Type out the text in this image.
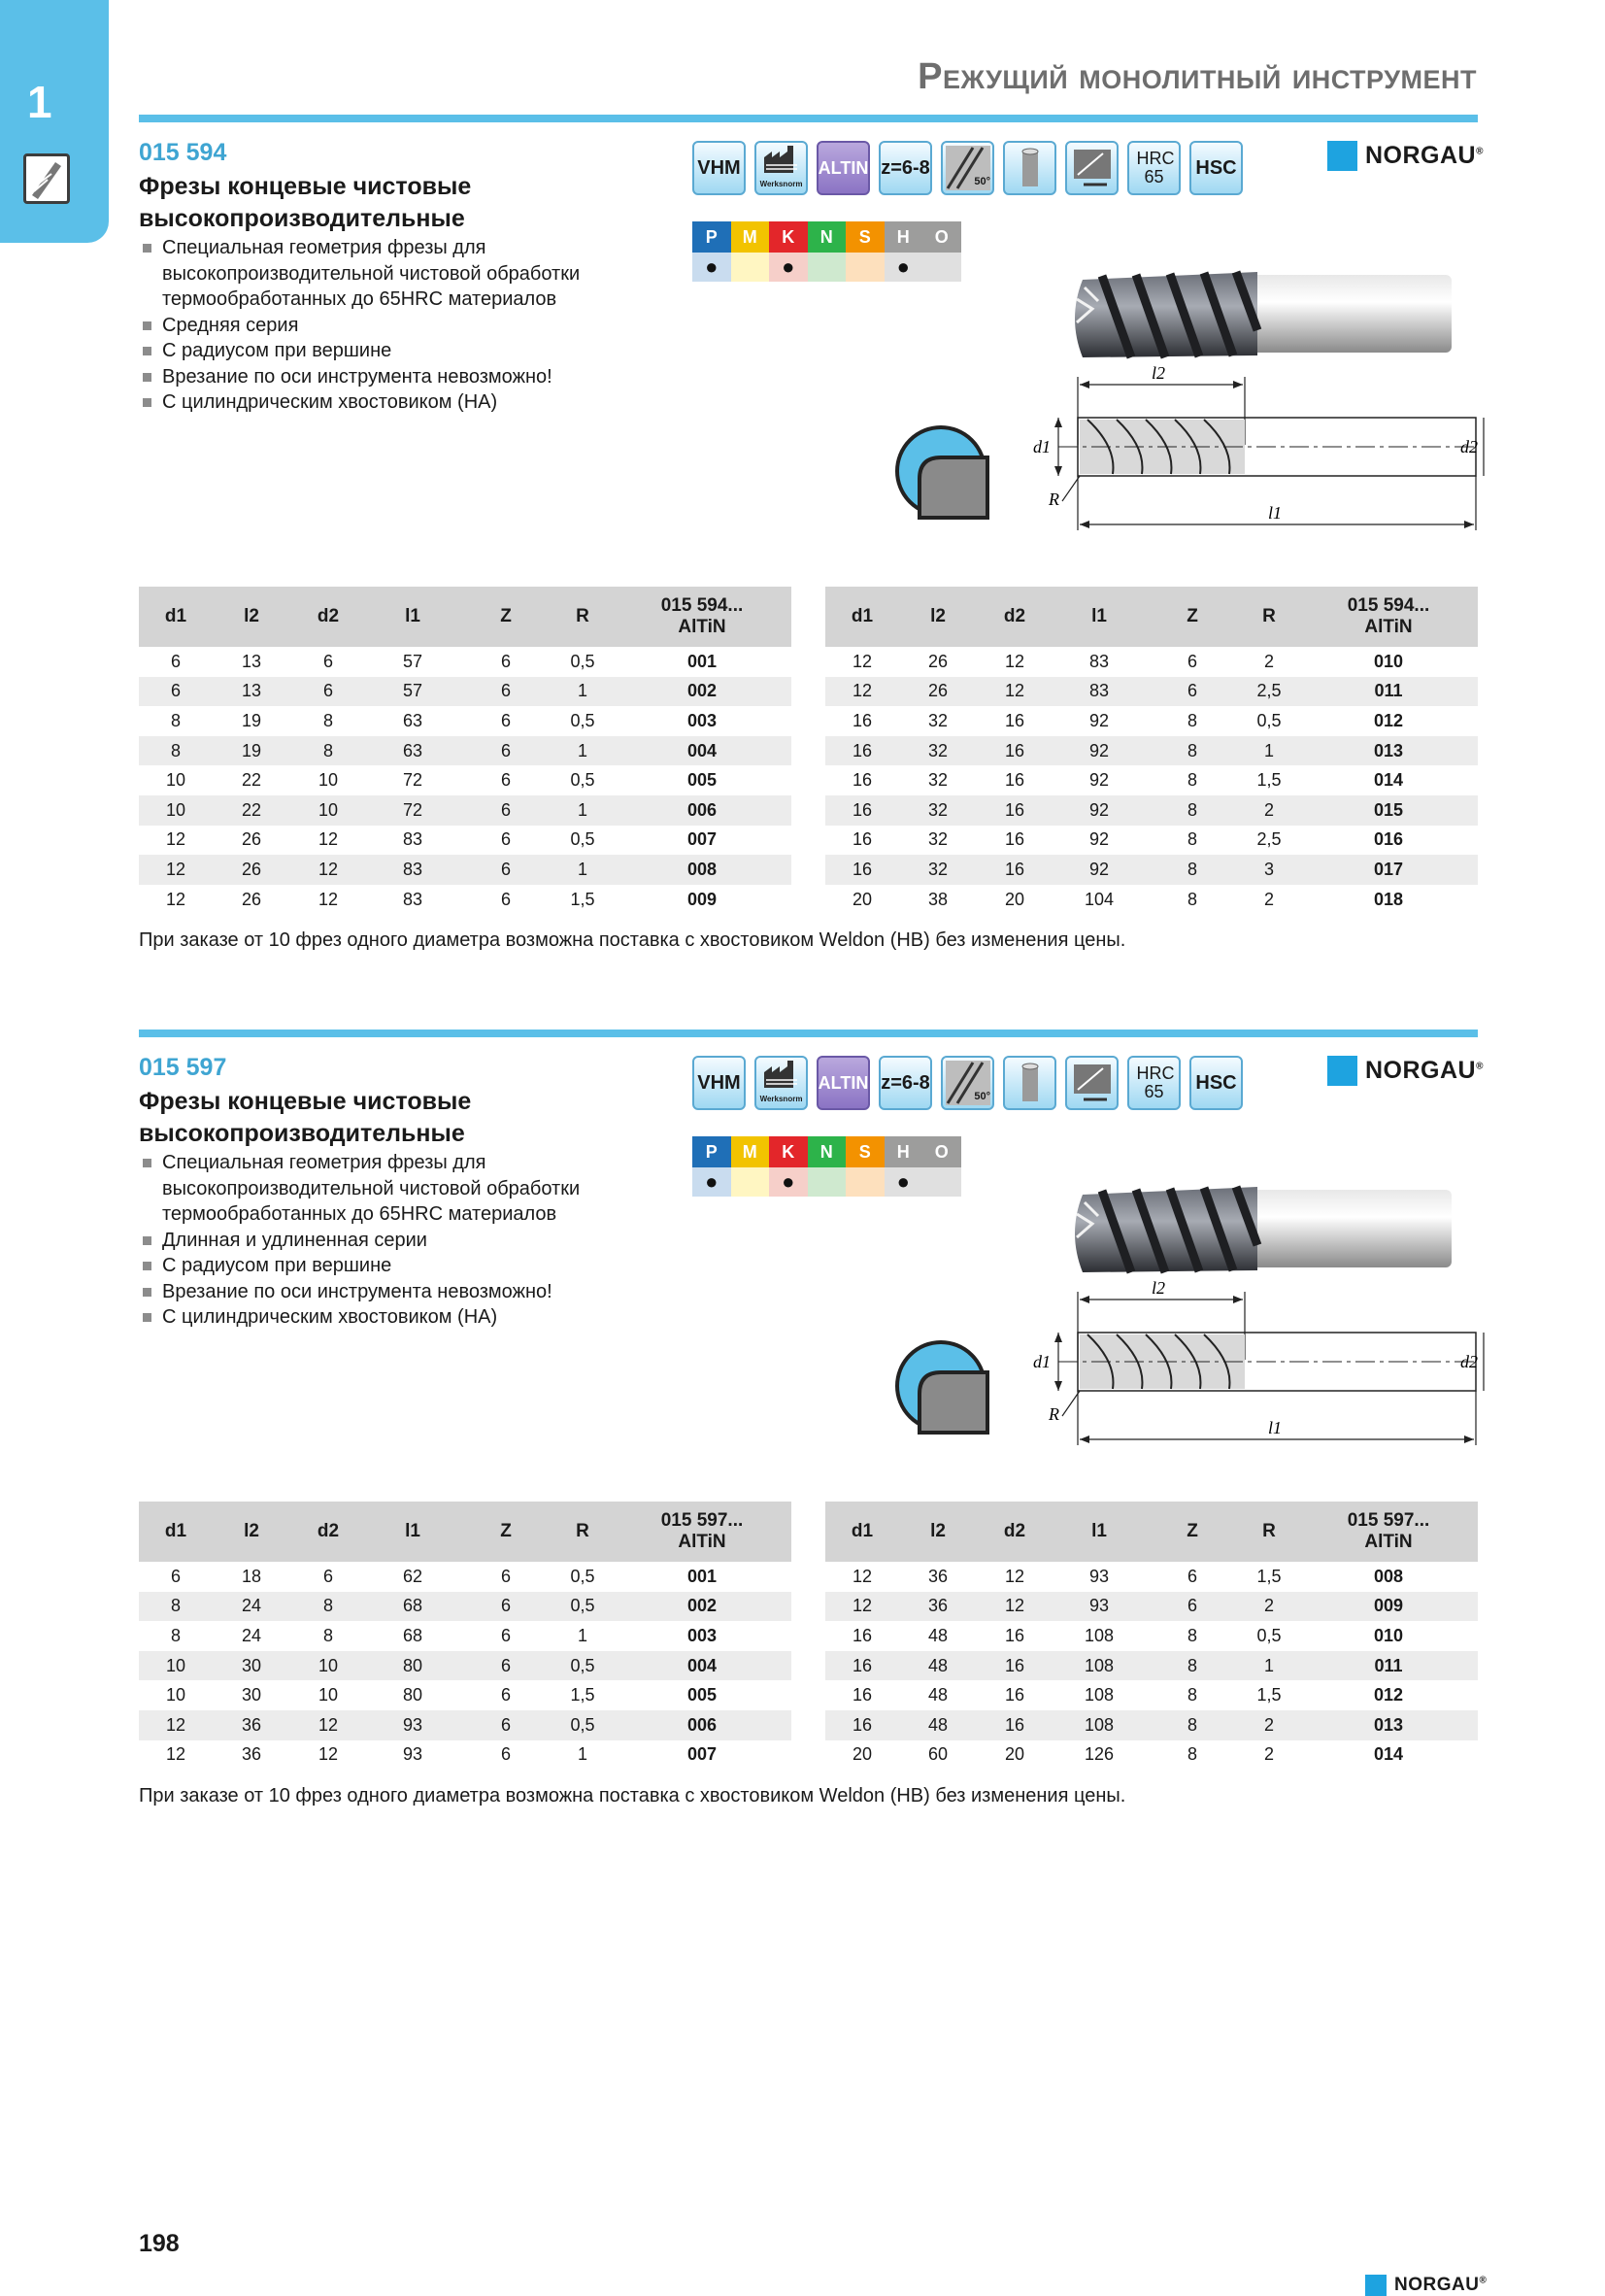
1	Режущий монолитный инструмент
015 594
Фрезы концевые чистовые высокопроизводительные
Специальная геометрия фрезы для высокопроизводительной чистовой обработки термообработанных до 65HRC материалов
Средняя серия
С радиусом при вершине
Врезание по оси инструмента невозможно!
С цилиндрическим хвостовиком (HA)
VHM
Werksnorm
ALTIN z=6-8
50°
HRC 65	HSC
P	M	K	N	S	H	O
●	●	●
NORGAU®
l2
d1	d2
l1
R
d1	l2	d2	l1	Z	R	015 594...
AlTiN

6	13	6	57	6	0,5	001
6	13	6	57	6	1	002
8	19	8	63	6	0,5	003
8	19	8	63	6	1	004
10	22	10	72	6	0,5	005
10	22	10	72	6	1	006
12	26	12	83	6	0,5	007
12	26	12	83	6	1	008
12	26	12	83	6	1,5	009
d1	l2	d2	l1	Z	R	015 594...
AlTiN

12	26	12	83	6	2	010
12	26	12	83	6	2,5	011
16	32	16	92	8	0,5	012
16	32	16	92	8	1	013
16	32	16	92	8	1,5	014
16	32	16	92	8	2	015
16	32	16	92	8	2,5	016
16	32	16	92	8	3	017
20	38	20	104	8	2	018
При заказе от 10 фрез одного диаметра возможна поставка с хвостовиком Weldon (HB) без изменения цены.
015 597
Фрезы концевые чистовые высокопроизводительные
Специальная геометрия фрезы для высокопроизводительной чистовой обработки термообработанных до 65HRC материалов
Длинная и удлиненная серии
С радиусом при вершине
Врезание по оси инструмента невозможно!
С цилиндрическим хвостовиком (HA)
VHM
Werksnorm
ALTIN z=6-8
50°
HRC 65	HSC
P	M	K	N	S	H	O
●	●	●
NORGAU®
l2
d1	d2
l1
R
d1	l2	d2	l1	Z	R	015 597...
AlTiN

6	18	6	62	6	0,5	001
8	24	8	68	6	0,5	002
8	24	8	68	6	1	003
10	30	10	80	6	0,5	004
10	30	10	80	6	1,5	005
12	36	12	93	6	0,5	006
12	36	12	93	6	1	007
d1	l2	d2	l1	Z	R	015 597...
AlTiN

12	36	12	93	6	1,5	008
12	36	12	93	6	2	009
16	48	16	108	8	0,5	010
16	48	16	108	8	1	011
16	48	16	108	8	1,5	012
16	48	16	108	8	2	013
20	60	20	126	8	2	014
При заказе от 10 фрез одного диаметра возможна поставка с хвостовиком Weldon (HB) без изменения цены.
198
NORGAU®
